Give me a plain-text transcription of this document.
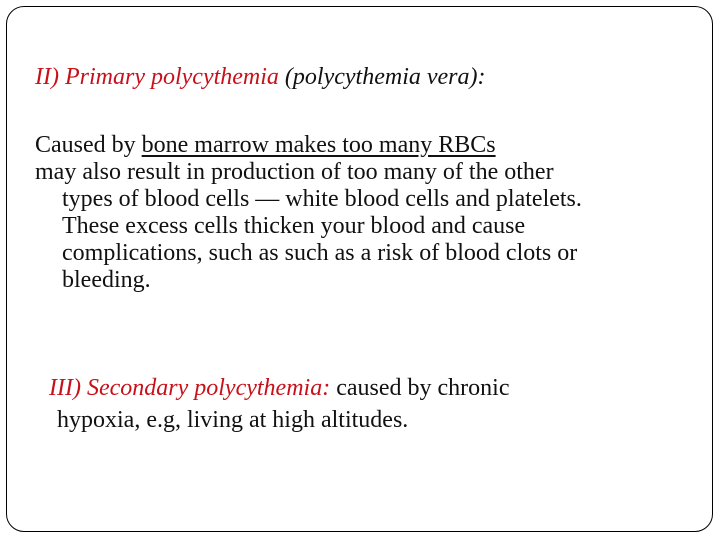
II) Primary polycythemia (polycythemia vera):
Caused by bone marrow makes too many RBCs
may also result in production of too many of the other
types of blood cells — white blood cells and platelets.
These excess cells thicken your blood and cause
complications, such as such as a risk of blood clots or
bleeding.
III) Secondary polycythemia: caused by chronic
hypoxia, e.g, living at high altitudes.
